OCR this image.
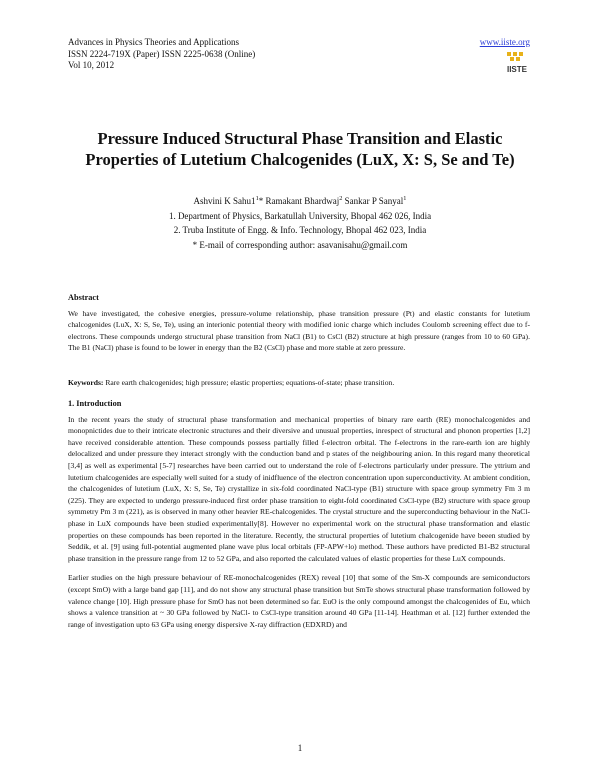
Advances in Physics Theories and Applications
ISSN 2224-719X (Paper) ISSN 2225-0638 (Online)
Vol 10, 2012
www.iiste.org
IISTE
Pressure Induced Structural Phase Transition and Elastic Properties of Lutetium Chalcogenides (LuX, X: S, Se and Te)
Ashvini K $Sahu1^1*$ Ramakant Bhardwaj$^2$ Sankar P Sanyal$^1$
1. Department of Physics, Barkatullah University, Bhopal 462 026, India
2. Truba Institute of Engg. & Info. Technology, Bhopal 462 023, India
* E-mail of corresponding author: asavanisahu@gmail.com

Abstract

We have investigated, the cohesive energies, pressure-volume relationship, phase transition pressure (Pt) and elastic constants for lutetium chalcogenides (LuX, X: S, Se, Te), using an interionic potential theory with modified ionic charge which includes Coulomb screening effect due to f-electrons. These compounds undergo structural phase transition from NaCl (B1) to CsCl (B2) structure at high pressure (ranges from 10 to 60 GPa). The B1 (NaCl) phase is found to be lower in energy than the B2 (CsCl) phase and more stable at zero pressure.

Keywords: Rare earth chalcogenides; high pressure; elastic properties; equations-of-state; phase transition.

1. Introduction

In the recent years the study of structural phase transformation and mechanical properties of binary rare earth (RE) monochalcogenides and monopnictides due to their intricate electronic structures and their diversive and unusual properties, inrespect of structural and phonon properties [1,2] have received considerable attention. These compounds possess partially filled f-electron orbital. The f-electrons in the rare-earth ion are highly delocalized and under pressure they interact strongly with the conduction band and p states of the neighbouring anion. In this regard many theoretical [3,4] as well as experimental [5-7] researches have been carried out to understand the role of f-electrons particularly under pressure. The yttrium and lutetium chalcogenides are especially well suited for a study of inidfluence of the electron concentration upon superconductivity. At ambient condition, the chalcogenides of lutetium (LuX, X: S, Se, Te) crystallize in six-fold coordinated NaCl-type (B1) structure with space group symmetry Fm 3 m (225). They are expected to undergo pressure-induced first order phase transition to eight-fold coordinated CsCl-type (B2) structure with space group symmetry Pm 3 m (221), as is observed in many other heavier RE-chalcogenides. The crystal structure and the superconducting behaviour in the NaCl-phase in LuX compounds have been studied experimentally[8]. However no experimental work on the structural phase transformation and elastic properties on these compounds has been reported in the literature. Recently, the structural properties of lutetium chalcogenide have beeen studied by Seddik, et al. [9] using full-potential augmented plane wave plus local orbitals (FP-APW+lo) method. These authors have predicted B1-B2 structural phase transition in the pressure range from 12 to 52 GPa, and also reported the calculated values of elastic properties for these LuX compounds.

Earlier studies on the high pressure behaviour of RE-monochalcogenides (REX) reveal [10] that some of the Sm-X compounds are semiconductors (except SmO) with a large band gap [11], and do not show any structural phase transition but SmTe shows structural phase transformation followed by valence change [10]. High pressure phase for SmO has not been determined so far. EuO is the only compound amongst the chalcogenides of Eu, which shows a valence transition at ~ 30 GPa followed by NaCl- to CsCl-type transition around 40 GPa [11-14]. Heathman et al. [12] further extended the range of investigation upto 63 GPa using energy dispersive X-ray diffraction (EDXRD) and

1
